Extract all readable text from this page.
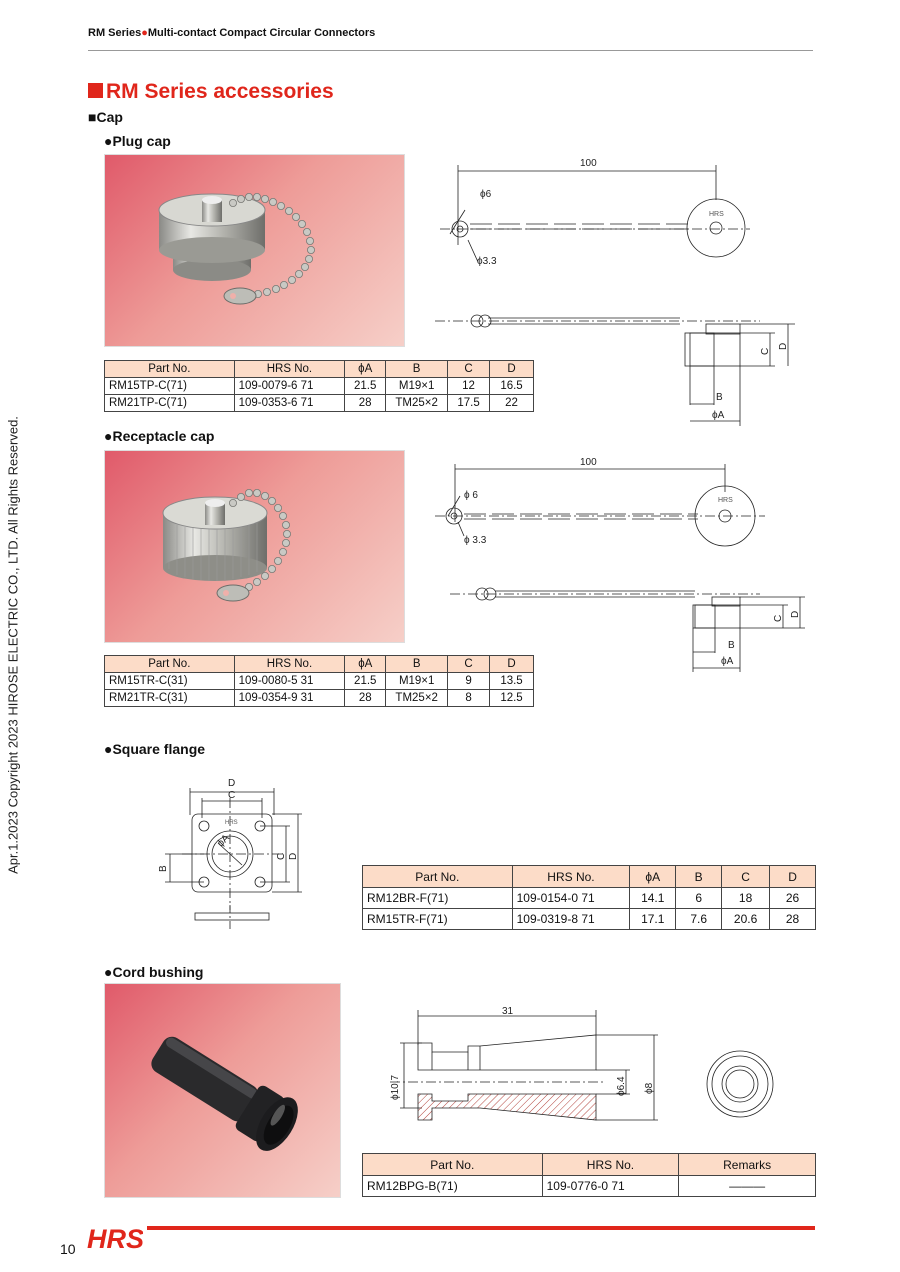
RM Series●Multi-contact Compact Circular Connectors
RM Series accessories
■Cap
Apr.1.2023 Copyright 2023 HIROSE ELECTRIC CO., LTD. All Rights Reserved.
●Plug cap
100
ϕ6
ϕ3.3
HRS
B
ϕA
C
D
Part No.	HRS No.	ϕA	B	C	D
RM15TP-C(71)	109-0079-6 71	21.5	M19×1	12	16.5
RM21TP-C(71)	109-0353-6 71	28	TM25×2	17.5	22
●Receptacle cap
100
ϕ 6
ϕ 3.3
HRS
B
ϕA
C
D
Part No.	HRS No.	ϕA	B	C	D
RM15TR-C(31)	109-0080-5 31	21.5	M19×1	9	13.5
RM21TR-C(31)	109-0354-9 31	28	TM25×2	8	12.5
●Square flange
D
C
B
ϕA
C D
HRS
Part No.	HRS No.	ϕA	B	C	D
RM12BR-F(71)	109-0154-0 71	14.1	6	18	26
RM15TR-F(71)	109-0319-8 71	17.1	7.6	20.6	28
●Cord bushing
31
ϕ10.7	ϕ6.4 ϕ8
Part No.	HRS No.	Remarks
RM12BPG-B(71)	109-0776-0 71	———
10 HRS
